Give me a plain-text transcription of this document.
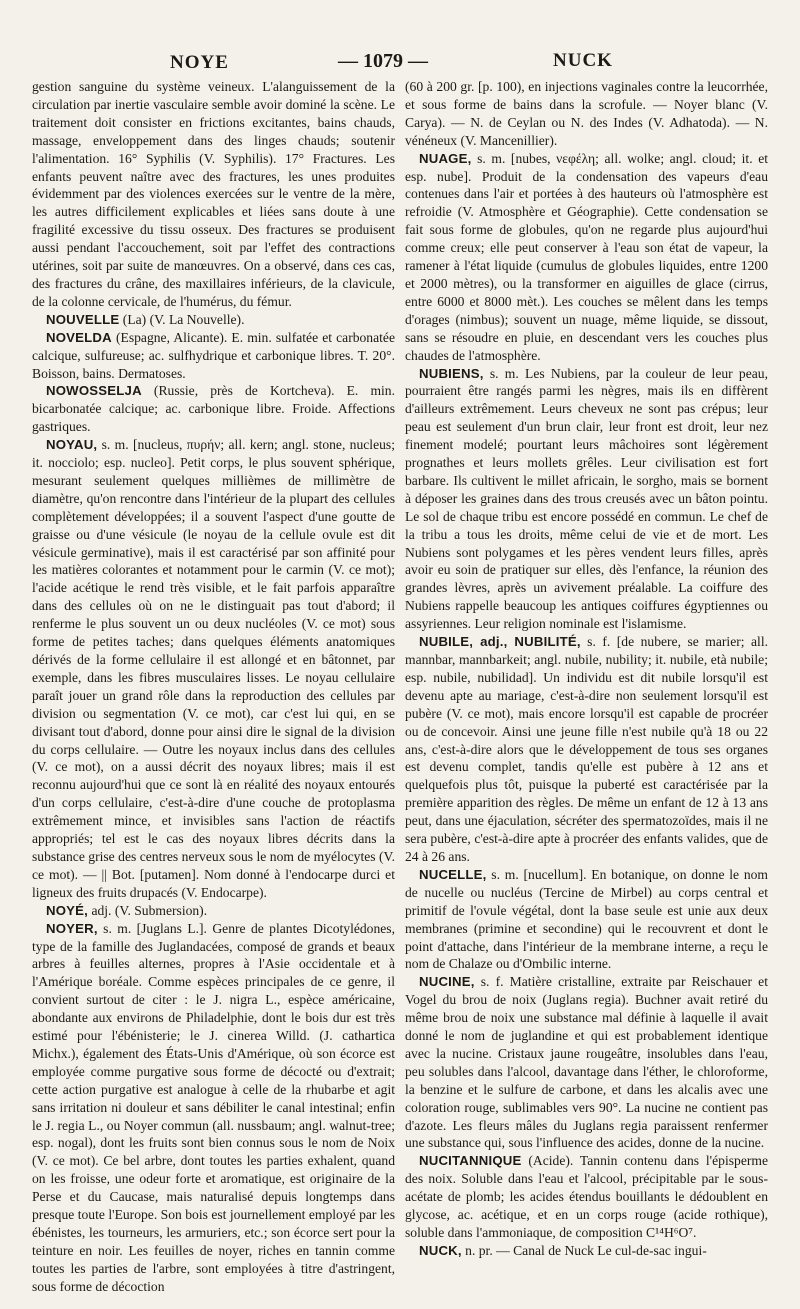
NOYE	— 1079 —	NUCK

gestion sanguine du système veineux. L'alanguissement de la circulation par inertie vasculaire semble avoir dominé la scène. Le traitement doit consister en frictions excitantes, bains chauds, massage, enveloppement dans des linges chauds; soutenir l'alimentation. 16° Syphilis (V. Syphilis). 17° Fractures. Les enfants peuvent naître avec des fractures, les unes produites évidemment par des violences exercées sur le ventre de la mère, les autres difficilement explicables et liées sans doute à une fragilité excessive du tissu osseux. Des fractures se produisent aussi pendant l'accouchement, soit par l'effet des contractions utérines, soit par suite de manœuvres. On a observé, dans ces cas, des fractures du crâne, des maxillaires inférieurs, de la clavicule, de la colonne cervicale, de l'humérus, du fémur.

NOUVELLE (La) (V. La Nouvelle).

NOVELDA (Espagne, Alicante). E. min. sulfatée et carbonatée calcique, sulfureuse; ac. sulfhydrique et carbonique libres. T. 20°. Boisson, bains. Dermatoses.

NOWOSSELJA (Russie, près de Kortcheva). E. min. bicarbonatée calcique; ac. carbonique libre. Froide. Affections gastriques.

NOYAU, s. m. [nucleus, πυρήν; all. kern; angl. stone, nucleus; it. nocciolo; esp. nucleo]. Petit corps, le plus souvent sphérique, mesurant seulement quelques millièmes de millimètre de diamètre, qu'on rencontre dans l'intérieur de la plupart des cellules complètement développées; il a souvent l'aspect d'une goutte de graisse ou d'une vésicule (le noyau de la cellule ovule est dit vésicule germinative), mais il est caractérisé par son affinité pour les matières colorantes et notamment pour le carmin (V. ce mot); l'acide acétique le rend très visible, et le fait parfois apparaître dans des cellules où on ne le distinguait pas tout d'abord; il renferme le plus souvent un ou deux nucléoles (V. ce mot) sous forme de petites taches; dans quelques éléments anatomiques dérivés de la forme cellulaire il est allongé et en bâtonnet, par exemple, dans les fibres musculaires lisses. Le noyau cellulaire paraît jouer un grand rôle dans la reproduction des cellules par division ou segmentation (V. ce mot), car c'est lui qui, en se divisant tout d'abord, donne pour ainsi dire le signal de la division du corps cellulaire. — Outre les noyaux inclus dans des cellules (V. ce mot), on a aussi décrit des noyaux libres; mais il est reconnu aujourd'hui que ce sont là en réalité des noyaux entourés d'un corps cellulaire, c'est-à-dire d'une couche de protoplasma extrêmement mince, et invisibles sans l'action de réactifs appropriés; tel est le cas des noyaux libres décrits dans la substance grise des centres nerveux sous le nom de myélocytes (V. ce mot). — || Bot. [putamen]. Nom donné à l'endocarpe durci et ligneux des fruits drupacés (V. Endocarpe).

NOYÉ, adj. (V. Submersion).

NOYER, s. m. [Juglans L.]. Genre de plantes Dicotylédones, type de la famille des Juglandacées, composé de grands et beaux arbres à feuilles alternes, propres à l'Asie occidentale et à l'Amérique boréale. Comme espèces principales de ce genre, il convient surtout de citer : le J. nigra L., espèce américaine, abondante aux environs de Philadelphie, dont le bois dur est très estimé pour l'ébénisterie; le J. cinerea Willd. (J. cathartica Michx.), également des États-Unis d'Amérique, où son écorce est employée comme purgative sous forme de décocté ou d'extrait; cette action purgative est analogue à celle de la rhubarbe et agit sans irritation ni douleur et sans débiliter le canal intestinal; enfin le J. regia L., ou Noyer commun (all. nussbaum; angl. walnut-tree; esp. nogal), dont les fruits sont bien connus sous le nom de Noix (V. ce mot). Ce bel arbre, dont toutes les parties exhalent, quand on les froisse, une odeur forte et aromatique, est originaire de la Perse et du Caucase, mais naturalisé depuis longtemps dans presque toute l'Europe. Son bois est journellement employé par les ébénistes, les tourneurs, les armuriers, etc.; son écorce sert pour la teinture en noir. Les feuilles de noyer, riches en tannin comme toutes les parties de l'arbre, sont employées à titre d'astringent, sous forme de décoction

(60 à 200 gr. [p. 100), en injections vaginales contre la leucorrhée, et sous forme de bains dans la scrofule. — Noyer blanc (V. Carya). — N. de Ceylan ou N. des Indes (V. Adhatoda). — N. vénéneux (V. Mancenillier).

NUAGE, s. m. [nubes, νεφέλη; all. wolke; angl. cloud; it. et esp. nube]. Produit de la condensation des vapeurs d'eau contenues dans l'air et portées à des hauteurs où l'atmosphère est refroidie (V. Atmosphère et Géographie). Cette condensation se fait sous forme de globules, qu'on ne regarde plus aujourd'hui comme creux; elle peut conserver à l'eau son état de vapeur, la ramener à l'état liquide (cumulus de globules liquides, entre 1200 et 2000 mètres), ou la transformer en aiguilles de glace (cirrus, entre 6000 et 8000 mèt.). Les couches se mêlent dans les temps d'orages (nimbus); souvent un nuage, même liquide, se dissout, sans se résoudre en pluie, en descendant vers les couches plus chaudes de l'atmosphère.

NUBIENS, s. m. Les Nubiens, par la couleur de leur peau, pourraient être rangés parmi les nègres, mais ils en diffèrent d'ailleurs extrêmement. Leurs cheveux ne sont pas crépus; leur peau est seulement d'un brun clair, leur front est droit, leur nez finement modelé; pourtant leurs mâchoires sont légèrement prognathes et leurs mollets grêles. Leur civilisation est fort barbare. Ils cultivent le millet africain, le sorgho, mais se bornent à déposer les graines dans des trous creusés avec un bâton pointu. Le sol de chaque tribu est encore possédé en commun. Le chef de la tribu a tous les droits, même celui de vie et de mort. Les Nubiens sont polygames et les pères vendent leurs filles, après avoir eu soin de pratiquer sur elles, dès l'enfance, la réunion des grandes lèvres, après un avivement préalable. La coiffure des Nubiens rappelle beaucoup les antiques coiffures égyptiennes ou assyriennes. Leur religion nominale est l'islamisme.

NUBILE, adj., NUBILITÉ, s. f. [de nubere, se marier; all. mannbar, mannbarkeit; angl. nubile, nubility; it. nubile, età nubile; esp. nubile, nubilidad]. Un individu est dit nubile lorsqu'il est devenu apte au mariage, c'est-à-dire non seulement lorsqu'il est pubère (V. ce mot), mais encore lorsqu'il est capable de procréer ou de concevoir. Ainsi une jeune fille n'est nubile qu'à 18 ou 22 ans, c'est-à-dire alors que le développement de tous ses organes est devenu complet, tandis qu'elle est pubère à 12 ans et quelquefois plus tôt, puisque la puberté est caractérisée par la première apparition des règles. De même un enfant de 12 à 13 ans peut, dans une éjaculation, sécréter des spermatozoïdes, mais il ne sera pubère, c'est-à-dire apte à procréer des enfants valides, que de 24 à 26 ans.

NUCELLE, s. m. [nucellum]. En botanique, on donne le nom de nucelle ou nucléus (Tercine de Mirbel) au corps central et primitif de l'ovule végétal, dont la base seule est unie aux deux membranes (primine et secondine) qui le recouvrent et dont le point d'attache, dans l'intérieur de la membrane interne, a reçu le nom de Chalaze ou d'Ombilic interne.

NUCINE, s. f. Matière cristalline, extraite par Reischauer et Vogel du brou de noix (Juglans regia). Buchner avait retiré du même brou de noix une substance mal définie à laquelle il avait donné le nom de juglandine et qui est probablement identique avec la nucine. Cristaux jaune rougeâtre, insolubles dans l'eau, peu solubles dans l'alcool, davantage dans l'éther, le chloroforme, la benzine et le sulfure de carbone, et dans les alcalis avec une coloration rouge, sublimables vers 90°. La nucine ne contient pas d'azote. Les fleurs mâles du Juglans regia paraissent renfermer une substance qui, sous l'influence des acides, donne de la nucine.

NUCITANNIQUE (Acide). Tannin contenu dans l'épisperme des noix. Soluble dans l'eau et l'alcool, précipitable par le sous-acétate de plomb; les acides étendus bouillants le dédoublent en glycose, ac. acétique, et en un corps rouge (acide rothique), soluble dans l'ammoniaque, de composition C¹⁴H⁶O⁷.

NUCK, n. pr. — Canal de Nuck Le cul-de-sac ingui-
